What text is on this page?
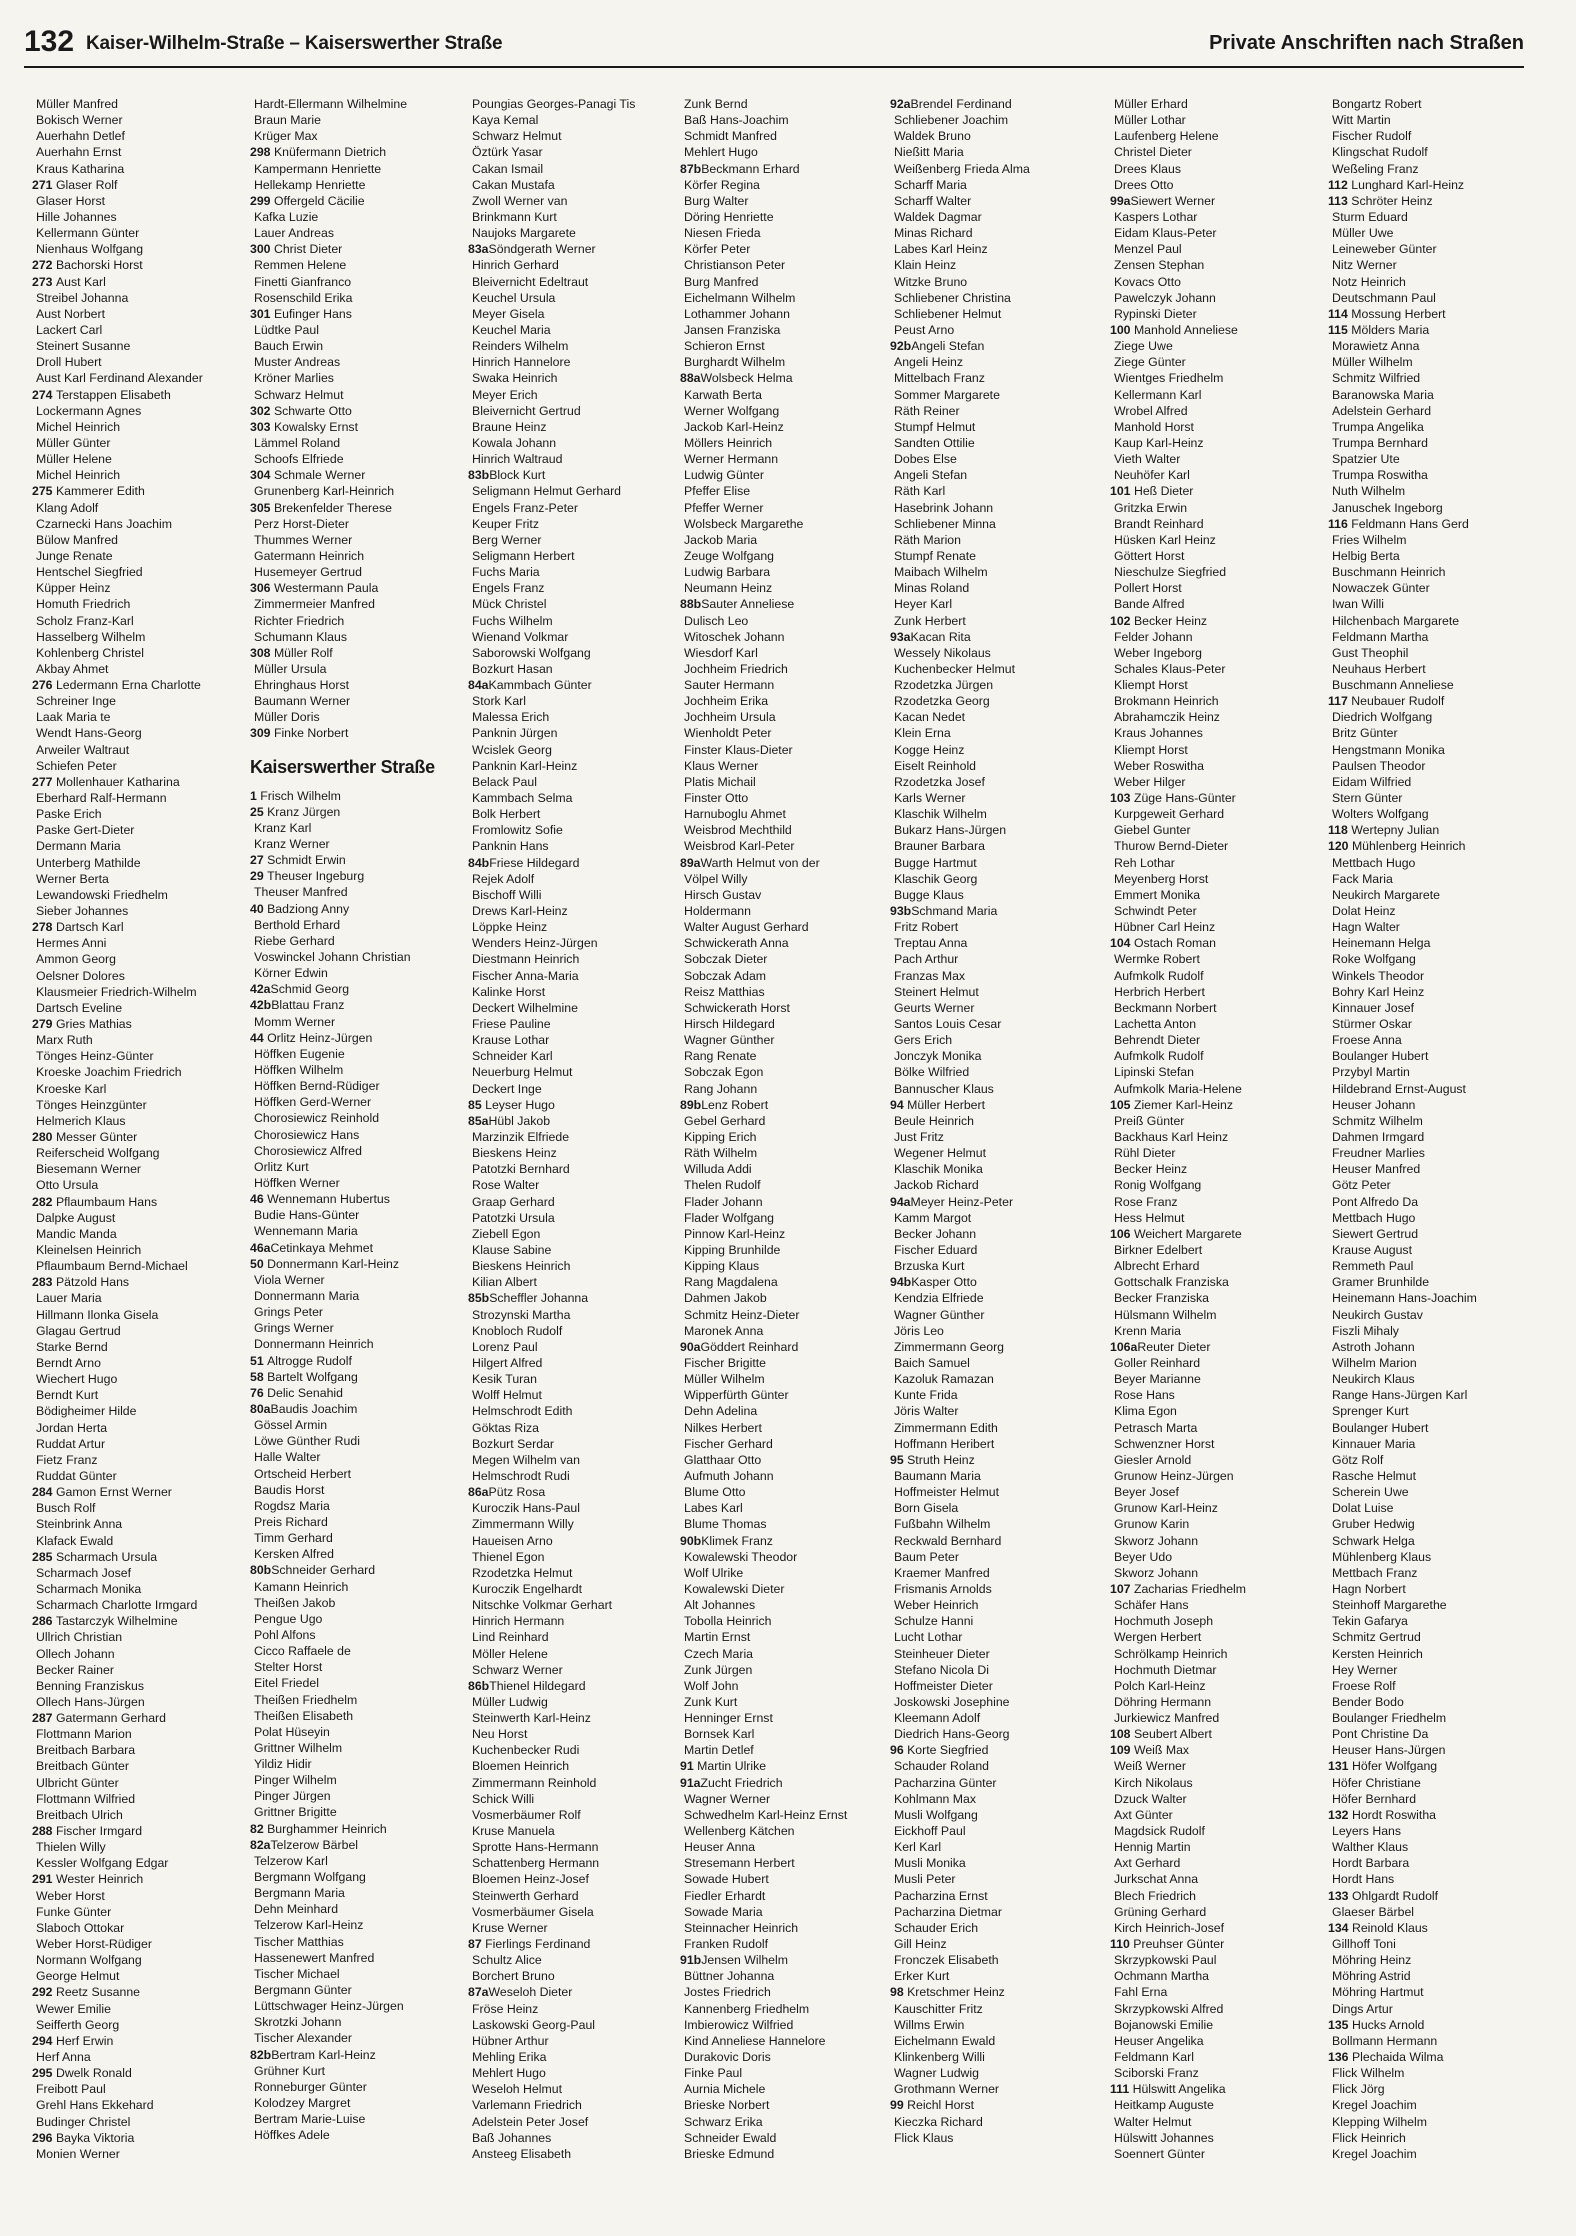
132 Kaiser-Wilhelm-Straße – Kaiserswerther Straße	Private Anschriften nach Straßen
Müller Manfred
Bokisch Werner
Auerhahn Detlef
Auerhahn Ernst
Kraus Katharina
271 Glaser Rolf
Glaser Horst
Hille Johannes
Kellermann Günter
Nienhaus Wolfgang
272 Bachorski Horst
273 Aust Karl
Streibel Johanna
Aust Norbert
Lackert Carl
Steinert Susanne
Droll Hubert
Aust Karl Ferdinand Alexander
274 Terstappen Elisabeth
Lockermann Agnes
Michel Heinrich
Müller Günter
Müller Helene
Michel Heinrich
275 Kammerer Edith
Klang Adolf
Czarnecki Hans Joachim
Bülow Manfred
Junge Renate
Hentschel Siegfried
Küpper Heinz
Homuth Friedrich
Scholz Franz-Karl
Hasselberg Wilhelm
Kohlenberg Christel
Akbay Ahmet
276 Ledermann Erna Charlotte
Schreiner Inge
Laak Maria te
Wendt Hans-Georg
Arweiler Waltraut
Schiefen Peter
277 Mollenhauer Katharina
Eberhard Ralf-Hermann
Paske Erich
Paske Gert-Dieter
Dermann Maria
Unterberg Mathilde
Werner Berta
Lewandowski Friedhelm
Sieber Johannes
278 Dartsch Karl
Hermes Anni
Ammon Georg
Oelsner Dolores
Klausmeier Friedrich-Wilhelm
Dartsch Eveline
279 Gries Mathias
Marx Ruth
Tönges Heinz-Günter
Kroeske Joachim Friedrich
Kroeske Karl
Tönges Heinzgünter
Helmerich Klaus
280 Messer Günter
Reiferscheid Wolfgang
Biesemann Werner
Otto Ursula
282 Pflaumbaum Hans
Dalpke August
Mandic Manda
Kleinelsen Heinrich
Pflaumbaum Bernd-Michael
283 Pätzold Hans
Lauer Maria
Hillmann Ilonka Gisela
Glagau Gertrud
Starke Bernd
Berndt Arno
Wiechert Hugo
Berndt Kurt
Bödigheimer Hilde
Jordan Herta
Ruddat Artur
Fietz Franz
Ruddat Günter
284 Gamon Ernst Werner
Busch Rolf
Steinbrink Anna
Klafack Ewald
285 Scharmach Ursula
Scharmach Josef
Scharmach Monika
Scharmach Charlotte Irmgard
286 Tastarczyk Wilhelmine
Ullrich Christian
Ollech Johann
Becker Rainer
Benning Franziskus
Ollech Hans-Jürgen
287 Gatermann Gerhard
Flottmann Marion
Breitbach Barbara
Breitbach Günter
Ulbricht Günter
Flottmann Wilfried
Breitbach Ulrich
288 Fischer Irmgard
Thielen Willy
Kessler Wolfgang Edgar
291 Wester Heinrich
Weber Horst
Funke Günter
Slaboch Ottokar
Weber Horst-Rüdiger
Normann Wolfgang
George Helmut
292 Reetz Susanne
Wewer Emilie
Seifferth Georg
294 Herf Erwin
Herf Anna
295 Dwelk Ronald
Freibott Paul
Grehl Hans Ekkehard
Budinger Christel
296 Bayka Viktoria
Monien Werner
Hardt-Ellermann Wilhelmine
Braun Marie
Krüger Max
298 Knüfermann Dietrich
Kampermann Henriette
Hellekamp Henriette
299 Offergeld Cäcilie
Kafka Luzie
Lauer Andreas
300 Christ Dieter
Remmen Helene
Finetti Gianfranco
Rosenschild Erika
301 Eufinger Hans
Lüdtke Paul
Bauch Erwin
Muster Andreas
Kröner Marlies
Schwarz Helmut
302 Schwarte Otto
303 Kowalsky Ernst
Lämmel Roland
Schoofs Elfriede
304 Schmale Werner
Grunenberg Karl-Heinrich
305 Brekenfelder Therese
Perz Horst-Dieter
Thummes Werner
Gatermann Heinrich
Husemeyer Gertrud
306 Westermann Paula
Zimmermeier Manfred
Richter Friedrich
Schumann Klaus
308 Müller Rolf
Müller Ursula
Ehringhaus Horst
Baumann Werner
Müller Doris
309 Finke Norbert
Kaiserswerther Straße
1 Frisch Wilhelm
25 Kranz Jürgen
Kranz Karl
Kranz Werner
27 Schmidt Erwin
29 Theuser Ingeburg
Theuser Manfred
40 Badziong Anny
Berthold Erhard
Riebe Gerhard
Voswinckel Johann Christian
Körner Edwin
42aSchmid Georg
42bBlattau Franz
Momm Werner
44 Orlitz Heinz-Jürgen
Höffken Eugenie
Höffken Wilhelm
Höffken Bernd-Rüdiger
Höffken Gerd-Werner
Chorosiewicz Reinhold
Chorosiewicz Hans
Chorosiewicz Alfred
Orlitz Kurt
Höffken Werner
46 Wennemann Hubertus
Budie Hans-Günter
Wennemann Maria
46aCetinkaya Mehmet
50 Donnermann Karl-Heinz
Viola Werner
Donnermann Maria
Grings Peter
Grings Werner
Donnermann Heinrich
51 Altrogge Rudolf
58 Bartelt Wolfgang
76 Delic Senahid
80aBaudis Joachim
Gössel Armin
Löwe Günther Rudi
Halle Walter
Ortscheid Herbert
Baudis Horst
Rogdsz Maria
Preis Richard
Timm Gerhard
Kersken Alfred
80bSchneider Gerhard
Kamann Heinrich
Theißen Jakob
Pengue Ugo
Pohl Alfons
Cicco Raffaele de
Stelter Horst
Eitel Friedel
Theißen Friedhelm
Theißen Elisabeth
Polat Hüseyin
Grittner Wilhelm
Yildiz Hidir
Pinger Wilhelm
Pinger Jürgen
Grittner Brigitte
82 Burghammer Heinrich
82aTelzerow Bärbel
Telzerow Karl
Bergmann Wolfgang
Bergmann Maria
Dehn Meinhard
Telzerow Karl-Heinz
Tischer Matthias
Hassenewert Manfred
Tischer Michael
Bergmann Günter
Lüttschwager Heinz-Jürgen
Skrotzki Johann
Tischer Alexander
82bBertram Karl-Heinz
Grühner Kurt
Ronneburger Günter
Kolodzey Margret
Bertram Marie-Luise
Höffkes Adele
Poungias Georges-Panagi Tis
Kaya Kemal
Schwarz Helmut
Öztürk Yasar
Cakan Ismail
Cakan Mustafa
Zwoll Werner van
Brinkmann Kurt
Naujoks Margarete
83aSöndgerath Werner
Hinrich Gerhard
Bleivernicht Edeltraut
Keuchel Ursula
Meyer Gisela
Keuchel Maria
Reinders Wilhelm
Hinrich Hannelore
Swaka Heinrich
Meyer Erich
Bleivernicht Gertrud
Braune Heinz
Kowala Johann
Hinrich Waltraud
83bBlock Kurt
Seligmann Helmut Gerhard
Engels Franz-Peter
Keuper Fritz
Berg Werner
Seligmann Herbert
Fuchs Maria
Engels Franz
Mück Christel
Fuchs Wilhelm
Wienand Volkmar
Saborowski Wolfgang
Bozkurt Hasan
84aKammbach Günter
Stork Karl
Malessa Erich
Panknin Jürgen
Wcislek Georg
Panknin Karl-Heinz
Belack Paul
Kammbach Selma
Bolk Herbert
Fromlowitz Sofie
Panknin Hans
84bFriese Hildegard
Rejek Adolf
Bischoff Willi
Drews Karl-Heinz
Löppke Heinz
Wenders Heinz-Jürgen
Diestmann Heinrich
Fischer Anna-Maria
Kalinke Horst
Deckert Wilhelmine
Friese Pauline
Krause Lothar
Schneider Karl
Neuerburg Helmut
Deckert Inge
85 Leyser Hugo
85aHübl Jakob
Marzinzik Elfriede
Bieskens Heinz
Patotzki Bernhard
Rose Walter
Graap Gerhard
Patotzki Ursula
Ziebell Egon
Klause Sabine
Bieskens Heinrich
Kilian Albert
85bScheffler Johanna
Strozynski Martha
Knobloch Rudolf
Lorenz Paul
Hilgert Alfred
Kesik Turan
Wolff Helmut
Helmschrodt Edith
Göktas Riza
Bozkurt Serdar
Megen Wilhelm van
Helmschrodt Rudi
86aPütz Rosa
Kuroczik Hans-Paul
Zimmermann Willy
Haueisen Arno
Thienel Egon
Rzodetzka Helmut
Kuroczik Engelhardt
Nitschke Volkmar Gerhart
Hinrich Hermann
Lind Reinhard
Möller Helene
Schwarz Werner
86bThienel Hildegard
Müller Ludwig
Steinwerth Karl-Heinz
Neu Horst
Kuchenbecker Rudi
Bloemen Heinrich
Zimmermann Reinhold
Schick Willi
Vosmerbäumer Rolf
Kruse Manuela
Sprotte Hans-Hermann
Schattenberg Hermann
Bloemen Heinz-Josef
Steinwerth Gerhard
Vosmerbäumer Gisela
Kruse Werner
87 Fierlings Ferdinand
Schultz Alice
Borchert Bruno
87aWeseloh Dieter
Fröse Heinz
Laskowski Georg-Paul
Hübner Arthur
Mehling Erika
Mehlert Hugo
Weseloh Helmut
Varlemann Friedrich
Adelstein Peter Josef
Baß Johannes
Ansteeg Elisabeth
Zunk Bernd
Baß Hans-Joachim
Schmidt Manfred
Mehlert Hugo
87bBeckmann Erhard
Körfer Regina
Burg Walter
Döring Henriette
Niesen Frieda
Körfer Peter
Christianson Peter
Burg Manfred
Eichelmann Wilhelm
Lothammer Johann
Jansen Franziska
Schieron Ernst
Burghardt Wilhelm
88aWolsbeck Helma
Karwath Berta
Werner Wolfgang
Jackob Karl-Heinz
Möllers Heinrich
Werner Hermann
Ludwig Günter
Pfeffer Elise
Pfeffer Werner
Wolsbeck Margarethe
Jackob Maria
Zeuge Wolfgang
Ludwig Barbara
Neumann Heinz
88bSauter Anneliese
Dulisch Leo
Witoschek Johann
Wiesdorf Karl
Jochheim Friedrich
Sauter Hermann
Jochheim Erika
Jochheim Ursula
Wienholdt Peter
Finster Klaus-Dieter
Klaus Werner
Platis Michail
Finster Otto
Harnuboglu Ahmet
Weisbrod Mechthild
Weisbrod Karl-Peter
89aWarth Helmut von der
Völpel Willy
Hirsch Gustav
Holdermann
Walter August Gerhard
Schwickerath Anna
Sobczak Dieter
Sobczak Adam
Reisz Matthias
Schwickerath Horst
Hirsch Hildegard
Wagner Günther
Rang Renate
Sobczak Egon
Rang Johann
89bLenz Robert
Gebel Gerhard
Kipping Erich
Räth Wilhelm
Willuda Addi
Thelen Rudolf
Flader Johann
Flader Wolfgang
Pinnow Karl-Heinz
Kipping Brunhilde
Kipping Klaus
Rang Magdalena
Dahmen Jakob
Schmitz Heinz-Dieter
Maronek Anna
90aGöddert Reinhard
Fischer Brigitte
Müller Wilhelm
Wipperfürth Günter
Dehn Adelina
Nilkes Herbert
Fischer Gerhard
Glatthaar Otto
Aufmuth Johann
Blume Otto
Labes Karl
Blume Thomas
90bKlimek Franz
Kowalewski Theodor
Wolf Ulrike
Kowalewski Dieter
Alt Johannes
Tobolla Heinrich
Martin Ernst
Czech Maria
Zunk Jürgen
Wolf John
Zunk Kurt
Henninger Ernst
Bornsek Karl
Martin Detlef
91 Martin Ulrike
91aZucht Friedrich
Wagner Werner
Schwedhelm Karl-Heinz Ernst
Wellenberg Kätchen
Heuser Anna
Stresemann Herbert
Sowade Hubert
Fiedler Erhardt
Sowade Maria
Steinnacher Heinrich
Franken Rudolf
91bJensen Wilhelm
Büttner Johanna
Jostes Friedrich
Kannenberg Friedhelm
Imbierowicz Wilfried
Kind Anneliese Hannelore
Durakovic Doris
Finke Paul
Aurnia Michele
Brieske Norbert
Schwarz Erika
Schneider Ewald
Brieske Edmund
92aBrendel Ferdinand
Schliebener Joachim
Waldek Bruno
Nießitt Maria
Weißenberg Frieda Alma
Scharff Maria
Scharff Walter
Waldek Dagmar
Minas Richard
Labes Karl Heinz
Klain Heinz
Witzke Bruno
Schliebener Christina
Schliebener Helmut
Peust Arno
92bAngeli Stefan
Angeli Heinz
Mittelbach Franz
Sommer Margarete
Räth Reiner
Stumpf Helmut
Sandten Ottilie
Dobes Else
Angeli Stefan
Räth Karl
Hasebrink Johann
Schliebener Minna
Räth Marion
Stumpf Renate
Maibach Wilhelm
Minas Roland
Heyer Karl
Zunk Herbert
93aKacan Rita
Wessely Nikolaus
Kuchenbecker Helmut
Rzodetzka Jürgen
Rzodetzka Georg
Kacan Nedet
Klein Erna
Kogge Heinz
Eiselt Reinhold
Rzodetzka Josef
Karls Werner
Klaschik Wilhelm
Bukarz Hans-Jürgen
Brauner Barbara
Bugge Hartmut
Klaschik Georg
Bugge Klaus
93bSchmand Maria
Fritz Robert
Treptau Anna
Pach Arthur
Franzas Max
Steinert Helmut
Geurts Werner
Santos Louis Cesar
Gers Erich
Jonczyk Monika
Bölke Wilfried
Bannuscher Klaus
94 Müller Herbert
Beule Heinrich
Just Fritz
Wegener Helmut
Klaschik Monika
Jackob Richard
94aMeyer Heinz-Peter
Kamm Margot
Becker Johann
Fischer Eduard
Brzuska Kurt
94bKasper Otto
Kendzia Elfriede
Wagner Günther
Jöris Leo
Zimmermann Georg
Baich Samuel
Kazoluk Ramazan
Kunte Frida
Jöris Walter
Zimmermann Edith
Hoffmann Heribert
95 Struth Heinz
Baumann Maria
Hoffmeister Helmut
Born Gisela
Fußbahn Wilhelm
Reckwald Bernhard
Baum Peter
Kraemer Manfred
Frismanis Arnolds
Weber Heinrich
Schulze Hanni
Lucht Lothar
Steinheuer Dieter
Stefano Nicola Di
Hoffmeister Dieter
Joskowski Josephine
Kleemann Adolf
Diedrich Hans-Georg
96 Korte Siegfried
Schauder Roland
Pacharzina Günter
Kohlmann Max
Musli Wolfgang
Eickhoff Paul
Kerl Karl
Musli Monika
Musli Peter
Pacharzina Ernst
Pacharzina Dietmar
Schauder Erich
Gill Heinz
Fronczek Elisabeth
Erker Kurt
98 Kretschmer Heinz
Kauschitter Fritz
Willms Erwin
Eichelmann Ewald
Klinkenberg Willi
Wagner Ludwig
Grothmann Werner
99 Reichl Horst
Kieczka Richard
Flick Klaus
Müller Erhard
Müller Lothar
Laufenberg Helene
Christel Dieter
Drees Klaus
Drees Otto
99aSiewert Werner
Kaspers Lothar
Eidam Klaus-Peter
Menzel Paul
Zensen Stephan
Kovacs Otto
Pawelczyk Johann
Rypinski Dieter
100 Manhold Anneliese
Ziege Uwe
Ziege Günter
Wientges Friedhelm
Kellermann Karl
Wrobel Alfred
Manhold Horst
Kaup Karl-Heinz
Vieth Walter
Neuhöfer Karl
101 Heß Dieter
Gritzka Erwin
Brandt Reinhard
Hüsken Karl Heinz
Göttert Horst
Nieschulze Siegfried
Pollert Horst
Bande Alfred
102 Becker Heinz
Felder Johann
Weber Ingeborg
Schales Klaus-Peter
Kliempt Horst
Brokmann Heinrich
Abrahamczik Heinz
Kraus Johannes
Kliempt Horst
Weber Roswitha
Weber Hilger
103 Züge Hans-Günter
Kurpgeweit Gerhard
Giebel Gunter
Thurow Bernd-Dieter
Reh Lothar
Meyenberg Horst
Emmert Monika
Schwindt Peter
Hübner Carl Heinz
104 Ostach Roman
Wermke Robert
Aufmkolk Rudolf
Herbrich Herbert
Beckmann Norbert
Lachetta Anton
Behrendt Dieter
Aufmkolk Rudolf
Lipinski Stefan
Aufmkolk Maria-Helene
105 Ziemer Karl-Heinz
Preiß Günter
Backhaus Karl Heinz
Rühl Dieter
Becker Heinz
Ronig Wolfgang
Rose Franz
Hess Helmut
106 Weichert Margarete
Birkner Edelbert
Albrecht Erhard
Gottschalk Franziska
Becker Franziska
Hülsmann Wilhelm
Krenn Maria
106aReuter Dieter
Goller Reinhard
Beyer Marianne
Rose Hans
Klima Egon
Petrasch Marta
Schwenzner Horst
Giesler Arnold
Grunow Heinz-Jürgen
Beyer Josef
Grunow Karl-Heinz
Grunow Karin
Skworz Johann
Beyer Udo
Skworz Johann
107 Zacharias Friedhelm
Schäfer Hans
Hochmuth Joseph
Wergen Herbert
Schrölkamp Heinrich
Hochmuth Dietmar
Polch Karl-Heinz
Döhring Hermann
Jurkiewicz Manfred
108 Seubert Albert
109 Weiß Max
Weiß Werner
Kirch Nikolaus
Dzuck Walter
Axt Günter
Magdsick Rudolf
Hennig Martin
Axt Gerhard
Jurkschat Anna
Blech Friedrich
Grüning Gerhard
Kirch Heinrich-Josef
110 Preuhser Günter
Skrzypkowski Paul
Ochmann Martha
Fahl Erna
Skrzypkowski Alfred
Bojanowski Emilie
Heuser Angelika
Feldmann Karl
Sciborski Franz
111 Hülswitt Angelika
Heitkamp Auguste
Walter Helmut
Hülswitt Johannes
Soennert Günter
Bongartz Robert
Witt Martin
Fischer Rudolf
Klingschat Rudolf
Weßeling Franz
112 Lunghard Karl-Heinz
113 Schröter Heinz
Sturm Eduard
Müller Uwe
Leineweber Günter
Nitz Werner
Notz Heinrich
Deutschmann Paul
114 Mossung Herbert
115 Mölders Maria
Morawietz Anna
Müller Wilhelm
Schmitz Wilfried
Baranowska Maria
Adelstein Gerhard
Trumpa Angelika
Trumpa Bernhard
Spatzier Ute
Trumpa Roswitha
Nuth Wilhelm
Januschek Ingeborg
116 Feldmann Hans Gerd
Fries Wilhelm
Helbig Berta
Buschmann Heinrich
Nowaczek Günter
Iwan Willi
Hilchenbach Margarete
Feldmann Martha
Gust Theophil
Neuhaus Herbert
Buschmann Anneliese
117 Neubauer Rudolf
Diedrich Wolfgang
Britz Günter
Hengstmann Monika
Paulsen Theodor
Eidam Wilfried
Stern Günter
Wolters Wolfgang
118 Wertepny Julian
120 Mühlenberg Heinrich
Mettbach Hugo
Fack Maria
Neukirch Margarete
Dolat Heinz
Hagn Walter
Heinemann Helga
Roke Wolfgang
Winkels Theodor
Bohry Karl Heinz
Kinnauer Josef
Stürmer Oskar
Froese Anna
Boulanger Hubert
Przybyl Martin
Hildebrand Ernst-August
Heuser Johann
Schmitz Wilhelm
Dahmen Irmgard
Freudner Marlies
Heuser Manfred
Götz Peter
Pont Alfredo Da
Mettbach Hugo
Siewert Gertrud
Krause August
Remmeth Paul
Gramer Brunhilde
Heinemann Hans-Joachim
Neukirch Gustav
Fiszli Mihaly
Astroth Johann
Wilhelm Marion
Neukirch Klaus
Range Hans-Jürgen Karl
Sprenger Kurt
Boulanger Hubert
Kinnauer Maria
Götz Rolf
Rasche Helmut
Scherein Uwe
Dolat Luise
Gruber Hedwig
Schwark Helga
Mühlenberg Klaus
Mettbach Franz
Hagn Norbert
Steinhoff Margarethe
Tekin Gafarya
Schmitz Gertrud
Kersten Heinrich
Hey Werner
Froese Rolf
Bender Bodo
Boulanger Friedhelm
Pont Christine Da
Heuser Hans-Jürgen
131 Höfer Wolfgang
Höfer Christiane
Höfer Bernhard
132 Hordt Roswitha
Leyers Hans
Walther Klaus
Hordt Barbara
Hordt Hans
133 Ohlgardt Rudolf
Glaeser Bärbel
134 Reinold Klaus
Gillhoff Toni
Möhring Heinz
Möhring Astrid
Möhring Hartmut
Dings Artur
135 Hucks Arnold
Bollmann Hermann
136 Plechaida Wilma
Flick Wilhelm
Flick Jörg
Kregel Joachim
Klepping Wilhelm
Flick Heinrich
Kregel Joachim
